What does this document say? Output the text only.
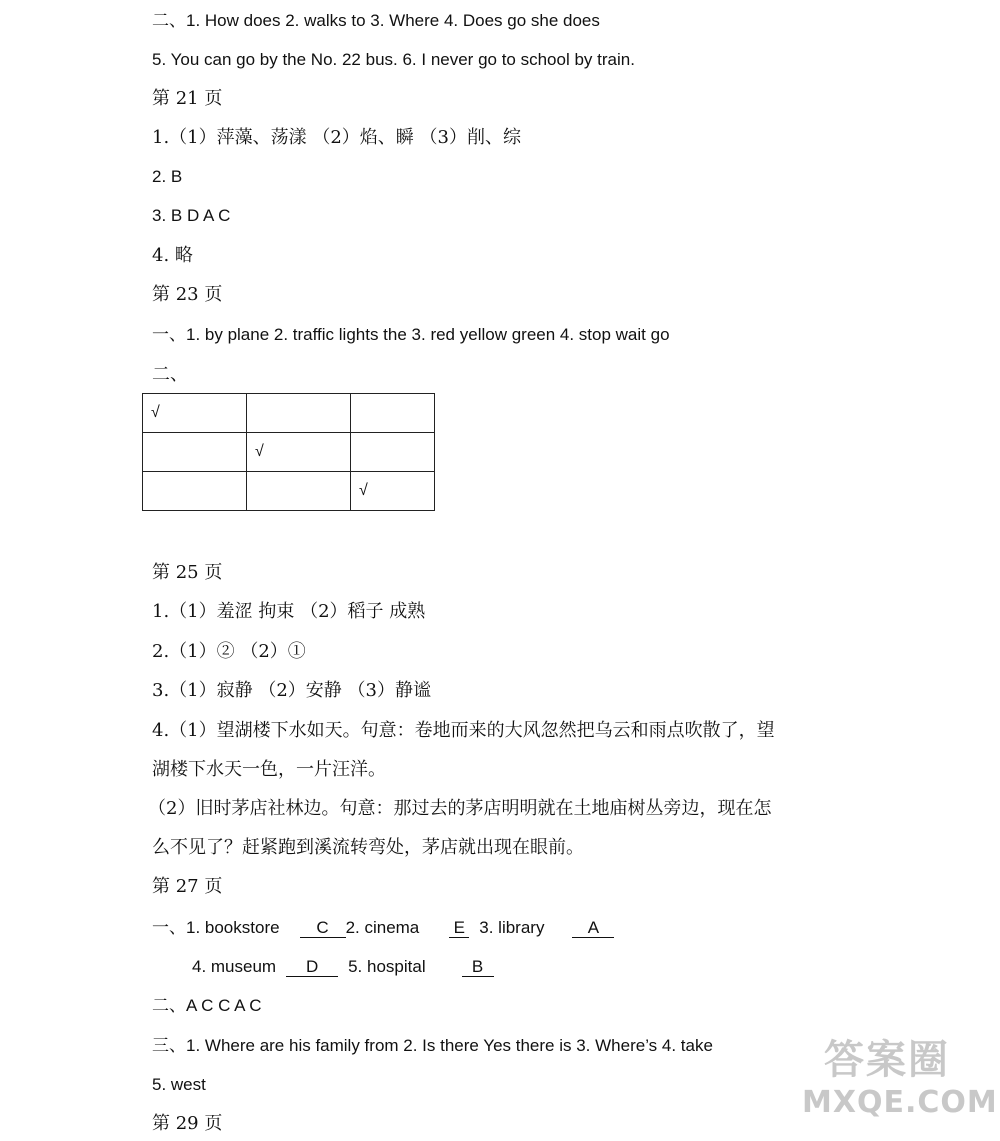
二、1. How does 2. walks to 3. Where 4. Does go she does
5. You can go by the No. 22 bus. 6. I never go to school by train.
第 21 页
1.（1）萍藻、荡漾 （2）焰、瞬 （3）削、综
2. B
3. B D A C
4. 略
第 23 页
一、1. by plane 2. traffic lights the 3. red yellow green 4. stop wait go
二、
√		
	√	
		√
第 25 页
1.（1）羞涩 拘束 （2）稻子 成熟
2.（1）② （2）①
3.（1）寂静 （2）安静 （3）静谧
4.（1）望湖楼下水如天。句意：卷地而来的大风忽然把乌云和雨点吹散了，望
湖楼下水天一色，一片汪洋。
（2）旧时茅店社林边。句意：那过去的茅店明明就在土地庙树丛旁边，现在怎
么不见了？赶紧跑到溪流转弯处，茅店就出现在眼前。
第 27 页
一、1. bookstore C 2. cinema E 3. library	A
4. museum D 5. hospital	B
二、A C C A C
三、1. Where are his family from 2. Is there Yes there is 3. Where’s 4. take
5. west
第 29 页
答案圈
MXQE.COM
